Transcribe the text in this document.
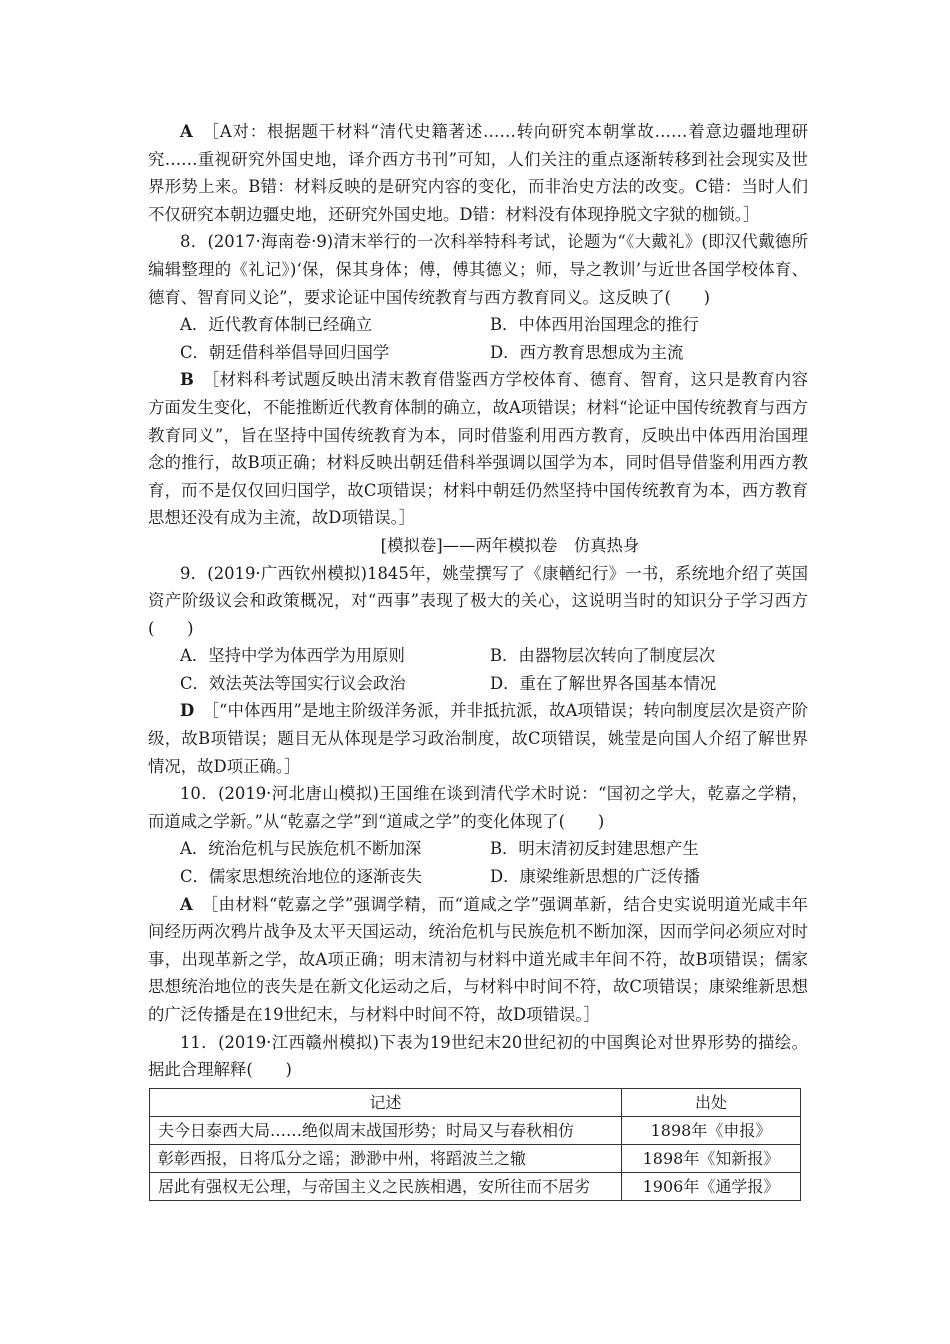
A　 ［A对：根据题干材料“清代史籍著述……转向研究本朝掌故……着意边疆地理研究……重视研究外国史地，译介西方书刊”可知，人们关注的重点逐渐转移到社会现实及世界形势上来。B错：材料反映的是研究内容的变化，而非治史方法的改变。C错：当时人们不仅研究本朝边疆史地，还研究外国史地。D错：材料没有体现挣脱文字狱的枷锁。］

8．(2017·海南卷·9)清末举行的一次科举特科考试，论题为“《大戴礼》(即汉代戴德所编辑整理的《礼记》)‘保，保其身体；傅，傅其德义；师，导之教训’与近世各国学校体育、德育、智育同义论”，要求论证中国传统教育与西方教育同义。这反映了(　　)

A．近代教育体制已经确立	B．中体西用治国理念的推行
C．朝廷借科举倡导回归国学	D．西方教育思想成为主流

B　 ［材料科考试题反映出清末教育借鉴西方学校体育、德育、智育，这只是教育内容方面发生变化，不能推断近代教育体制的确立，故A项错误；材料“论证中国传统教育与西方教育同义”，旨在坚持中国传统教育为本，同时借鉴利用西方教育，反映出中体西用治国理念的推行，故B项正确；材料反映出朝廷借科举强调以国学为本，同时倡导借鉴利用西方教育，而不是仅仅回归国学，故C项错误；材料中朝廷仍然坚持中国传统教育为本，西方教育思想还没有成为主流，故D项错误。］

[模拟卷]——两年模拟卷　仿真热身

9．(2019·广西钦州模拟)1845年，姚莹撰写了《康輶纪行》一书，系统地介绍了英国资产阶级议会和政策概况，对“西事”表现了极大的关心，这说明当时的知识分子学习西方(　　)

A．坚持中学为体西学为用原则	B．由器物层次转向了制度层次
C．效法英法等国实行议会政治	D．重在了解世界各国基本情况

D　 ［“中体西用”是地主阶级洋务派，并非抵抗派，故A项错误；转向制度层次是资产阶级，故B项错误；题目无从体现是学习政治制度，故C项错误，姚莹是向国人介绍了解世界情况，故D项正确。］

10．(2019·河北唐山模拟)王国维在谈到清代学术时说：“国初之学大，乾嘉之学精，而道咸之学新。”从“乾嘉之学”到“道咸之学”的变化体现了(　　)

A．统治危机与民族危机不断加深	B．明末清初反封建思想产生
C．儒家思想统治地位的逐渐丧失	D．康梁维新思想的广泛传播

A　 ［由材料“乾嘉之学”强调学精，而“道咸之学”强调革新，结合史实说明道光咸丰年间经历两次鸦片战争及太平天国运动，统治危机与民族危机不断加深，因而学问必须应对时事，出现革新之学，故A项正确；明末清初与材料中道光咸丰年间不符，故B项错误；儒家思想统治地位的丧失是在新文化运动之后，与材料中时间不符，故C项错误；康梁维新思想的广泛传播是在19世纪末，与材料中时间不符，故D项错误。］

11．(2019·江西赣州模拟)下表为19世纪末20世纪初的中国舆论对世界形势的描绘。据此合理解释(　　)

记述	出处
夫今日泰西大局……绝似周末战国形势；时局又与春秋相仿	1898年《申报》
彰彰西报，日将瓜分之谣；渺渺中州，将蹈波兰之辙	1898年《知新报》
居此有强权无公理，与帝国主义之民族相遇，安所往而不居劣	1906年《通学报》
